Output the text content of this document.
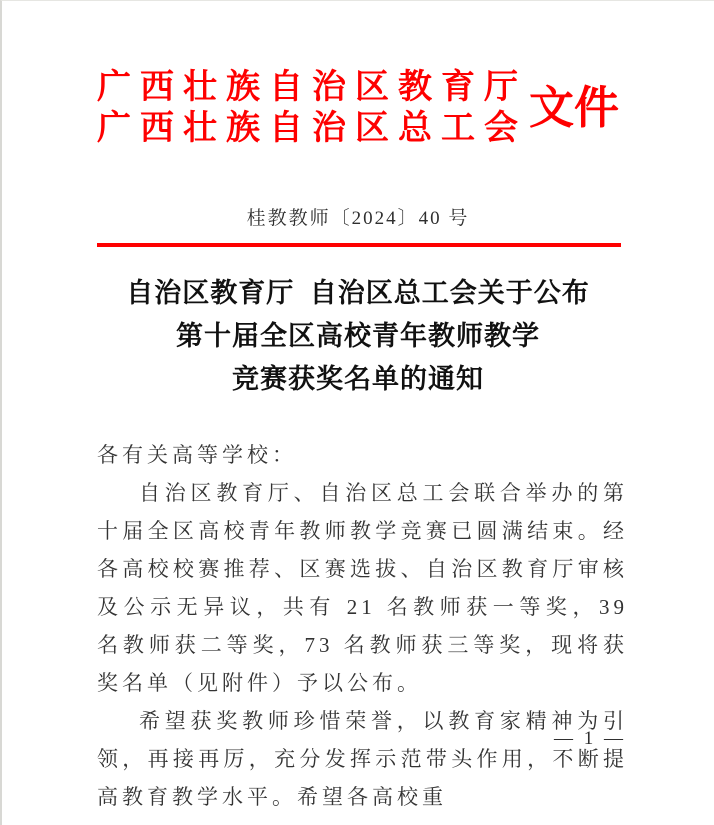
广西壮族自治区教育厅
广西壮族自治区总工会 文件
桂教教师〔2024〕40 号
自治区教育厅  自治区总工会关于公布
第十届全区高校青年教师教学
竞赛获奖名单的通知
各有关高等学校：
自治区教育厅、自治区总工会联合举办的第十届全区高校青年教师教学竞赛已圆满结束。经各高校校赛推荐、区赛选拔、自治区教育厅审核及公示无异议，共有 21 名教师获一等奖，39 名教师获二等奖，73 名教师获三等奖，现将获奖名单（见附件）予以公布。
希望获奖教师珍惜荣誉，以教育家精神为引领，再接再厉，充分发挥示范带头作用，不断提高教育教学水平。希望各高校重
— 1 —
